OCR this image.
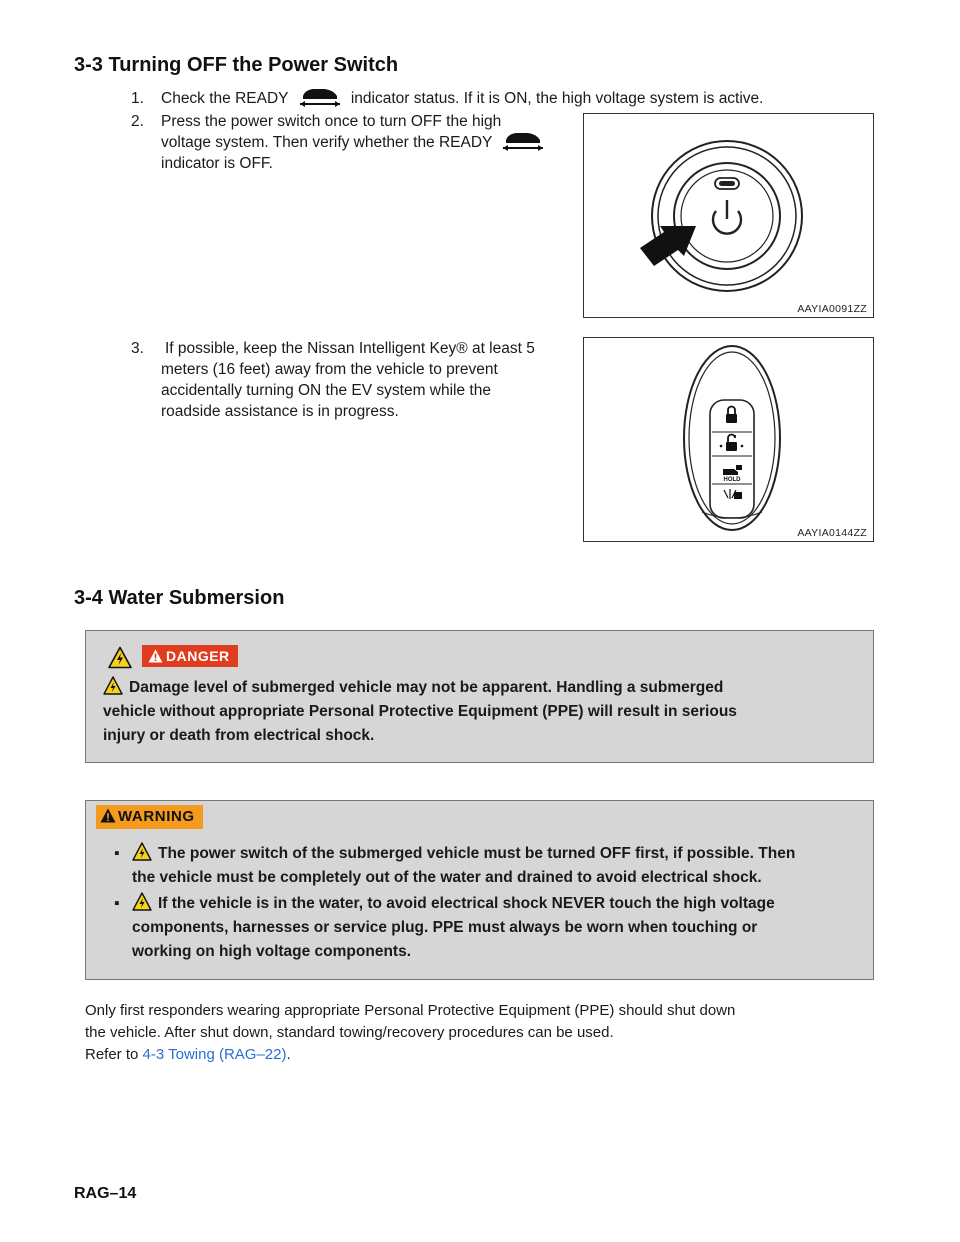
3-3 Turning OFF the Power Switch
1. Check the READY	indicator status. If it is ON, the high voltage system is active.
2. Press the power switch once to turn OFF the high
voltage system. Then verify whether the READY
indicator is OFF.
AAYIA0091ZZ
3. If possible, keep the Nissan Intelligent Key® at least 5
meters (16 feet) away from the vehicle to prevent
accidentally turning ON the EV system while the
roadside assistance is in progress.
HOLD
AAYIA0144ZZ
3-4 Water Submersion
DANGER
Damage level of submerged vehicle may not be apparent. Handling a submerged
vehicle without appropriate Personal Protective Equipment (PPE) will result in serious
injury or death from electrical shock.
WARNING
▪	The power switch of the submerged vehicle must be turned OFF first, if possible. Then
the vehicle must be completely out of the water and drained to avoid electrical shock.
▪	If the vehicle is in the water, to avoid electrical shock NEVER touch the high voltage
components, harnesses or service plug. PPE must always be worn when touching or
working on high voltage components.
Only first responders wearing appropriate Personal Protective Equipment (PPE) should shut down
the vehicle. After shut down, standard towing/recovery procedures can be used.
Refer to 4-3 Towing (RAG–22).
RAG–14
